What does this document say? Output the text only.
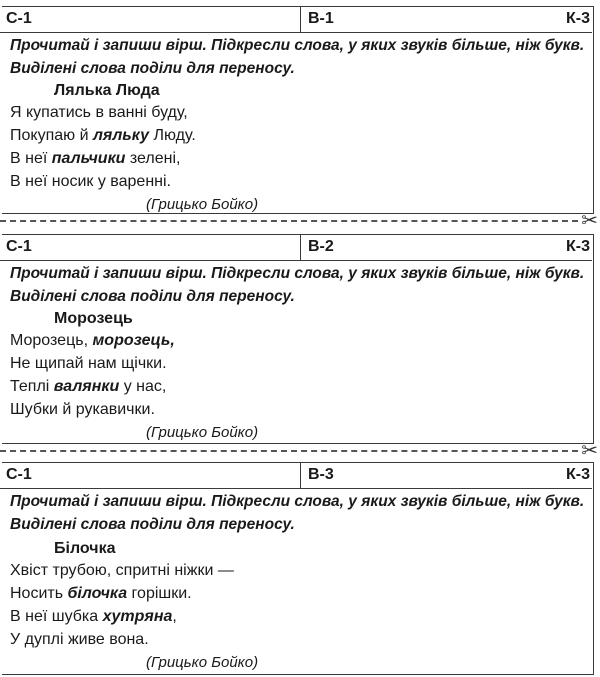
С-1	В-1	К-3
Прочитай і запиши вірш. Підкресли слова, у яких звуків більше, ніж букв. Виділені слова поділи для переносу.
Лялька Люда
Я купатись в ванні буду,
Покупаю й ляльку Люду.
В неї пальчики зелені,
В неї носик у варенні.
(Грицько Бойко)
✂
С-1	В-2	К-3
Прочитай і запиши вірш. Підкресли слова, у яких звуків більше, ніж букв. Виділені слова поділи для переносу.
Морозець
Морозець, морозець,
Не щипай нам щічки.
Теплі валянки у нас,
Шубки й рукавички.
(Грицько Бойко)
✂
С-1	В-3	К-3
Прочитай і запиши вірш. Підкресли слова, у яких звуків більше, ніж букв. Виділені слова поділи для переносу.
Білочка
Хвіст трубою, спритні ніжки —
Носить білочка горішки.
В неї шубка хутряна,
У дуплі живе вона.
(Грицько Бойко)
